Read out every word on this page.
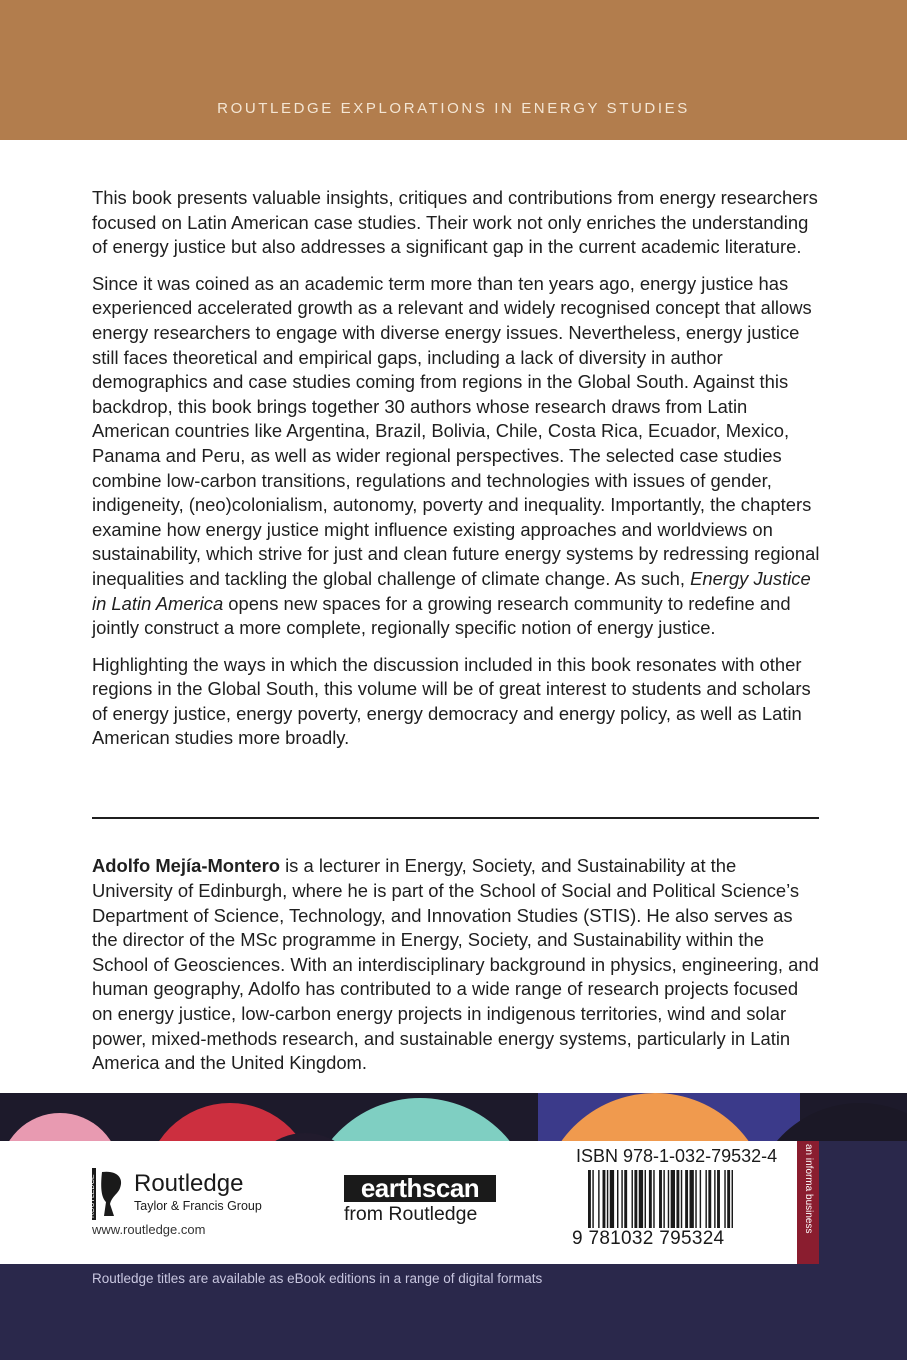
ROUTLEDGE EXPLORATIONS IN ENERGY STUDIES

This book presents valuable insights, critiques and contributions from energy researchers focused on Latin American case studies. Their work not only enriches the understanding of energy justice but also addresses a significant gap in the current academic literature.

Since it was coined as an academic term more than ten years ago, energy justice has experienced accelerated growth as a relevant and widely recognised concept that allows energy researchers to engage with diverse energy issues. Nevertheless, energy justice still faces theoretical and empirical gaps, including a lack of diversity in author demographics and case studies coming from regions in the Global South. Against this backdrop, this book brings together 30 authors whose research draws from Latin American countries like Argentina, Brazil, Bolivia, Chile, Costa Rica, Ecuador, Mexico, Panama and Peru, as well as wider regional perspectives. The selected case studies combine low-carbon transitions, regulations and technologies with issues of gender, indigeneity, (neo)colonialism, autonomy, poverty and inequality. Importantly, the chapters examine how energy justice might influence existing approaches and worldviews on sustainability, which strive for just and clean future energy systems by redressing regional inequalities and tackling the global challenge of climate change. As such, Energy Justice in Latin America opens new spaces for a growing research community to redefine and jointly construct a more complete, regionally specific notion of energy justice.

Highlighting the ways in which the discussion included in this book resonates with other regions in the Global South, this volume will be of great interest to students and scholars of energy justice, energy poverty, energy democracy and energy policy, as well as Latin American studies more broadly.

Adolfo Mejía-Montero is a lecturer in Energy, Society, and Sustainability at the University of Edinburgh, where he is part of the School of Social and Political Science’s Department of Science, Technology, and Innovation Studies (STIS). He also serves as the director of the MSc programme in Energy, Society, and Sustainability within the School of Geosciences. With an interdisciplinary background in physics, engineering, and human geography, Adolfo has contributed to a wide range of research projects focused on energy justice, low-carbon energy projects in indigenous territories, wind and solar power, mixed-methods research, and sustainable energy systems, particularly in Latin America and the United Kingdom.

ROUTLEDGE Routledge
Taylor & Francis Group
www.routledge.com
earthscan
from Routledge
ISBN 978-1-032-79532-4
9 781032 795324
an informa business
Routledge titles are available as eBook editions in a range of digital formats
